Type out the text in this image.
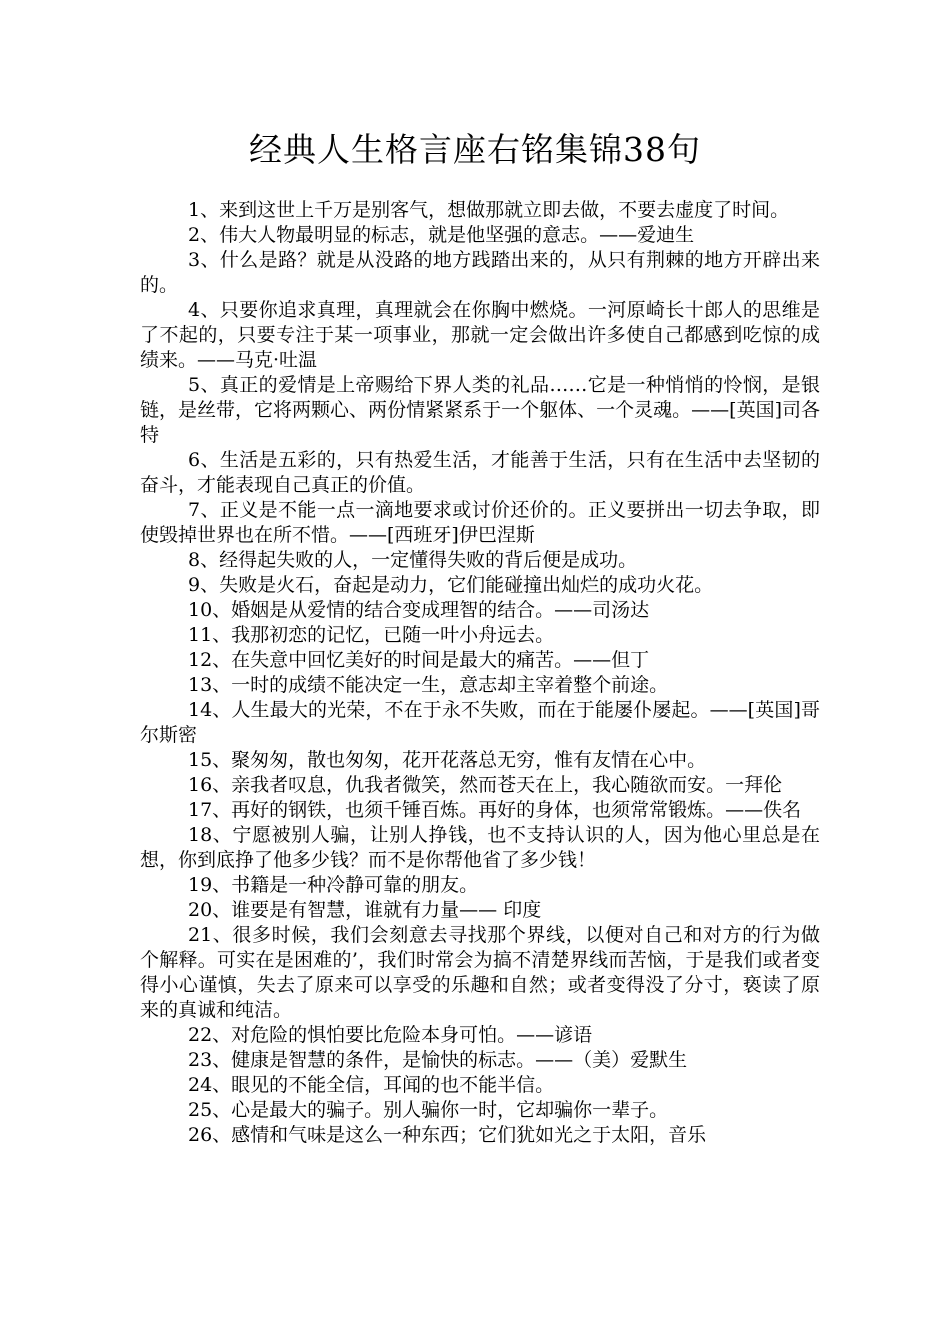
经典人生格言座右铭集锦38句

1、来到这世上千万是别客气，想做那就立即去做，不要去虚度了时间。

2、伟大人物最明显的标志，就是他坚强的意志。——爱迪生

3、什么是路？就是从没路的地方践踏出来的，从只有荆棘的地方开辟出来的。

4、只要你追求真理，真理就会在你胸中燃烧。一河原崎长十郎人的思维是了不起的，只要专注于某一项事业，那就一定会做出许多使自己都感到吃惊的成绩来。——马克·吐温

5、真正的爱情是上帝赐给下界人类的礼品……它是一种悄悄的怜悯，是银链，是丝带，它将两颗心、两份情紧紧系于一个躯体、一个灵魂。——[英国]司各特

6、生活是五彩的，只有热爱生活，才能善于生活，只有在生活中去坚韧的奋斗，才能表现自己真正的价值。

7、正义是不能一点一滴地要求或讨价还价的。正义要拼出一切去争取，即使毁掉世界也在所不惜。——[西班牙]伊巴涅斯

8、经得起失败的人，一定懂得失败的背后便是成功。

9、失败是火石，奋起是动力，它们能碰撞出灿烂的成功火花。

10、婚姻是从爱情的结合变成理智的结合。——司汤达

11、我那初恋的记忆，已随一叶小舟远去。

12、在失意中回忆美好的时间是最大的痛苦。——但丁

13、一时的成绩不能决定一生，意志却主宰着整个前途。

14、人生最大的光荣，不在于永不失败，而在于能屡仆屡起。——[英国]哥尔斯密

15、聚匆匆，散也匆匆，花开花落总无穷，惟有友情在心中。

16、亲我者叹息，仇我者微笑，然而苍天在上，我心随欲而安。一拜伦

17、再好的钢铁，也须千锤百炼。再好的身体，也须常常锻炼。——佚名

18、宁愿被别人骗，让别人挣钱，也不支持认识的人，因为他心里总是在想，你到底挣了他多少钱？而不是你帮他省了多少钱！

19、书籍是一种冷静可靠的朋友。

20、谁要是有智慧，谁就有力量—— 印度

21、很多时候，我们会刻意去寻找那个界线，以便对自己和对方的行为做个解释。可实在是困难的’，我们时常会为搞不清楚界线而苦恼，于是我们或者变得小心谨慎，失去了原来可以享受的乐趣和自然；或者变得没了分寸，亵读了原来的真诚和纯洁。

22、对危险的惧怕要比危险本身可怕。——谚语

23、健康是智慧的条件，是愉快的标志。——（美）爱默生

24、眼见的不能全信，耳闻的也不能半信。

25、心是最大的骗子。别人骗你一时，它却骗你一辈子。

26、感情和气味是这么一种东西；它们犹如光之于太阳，音乐
